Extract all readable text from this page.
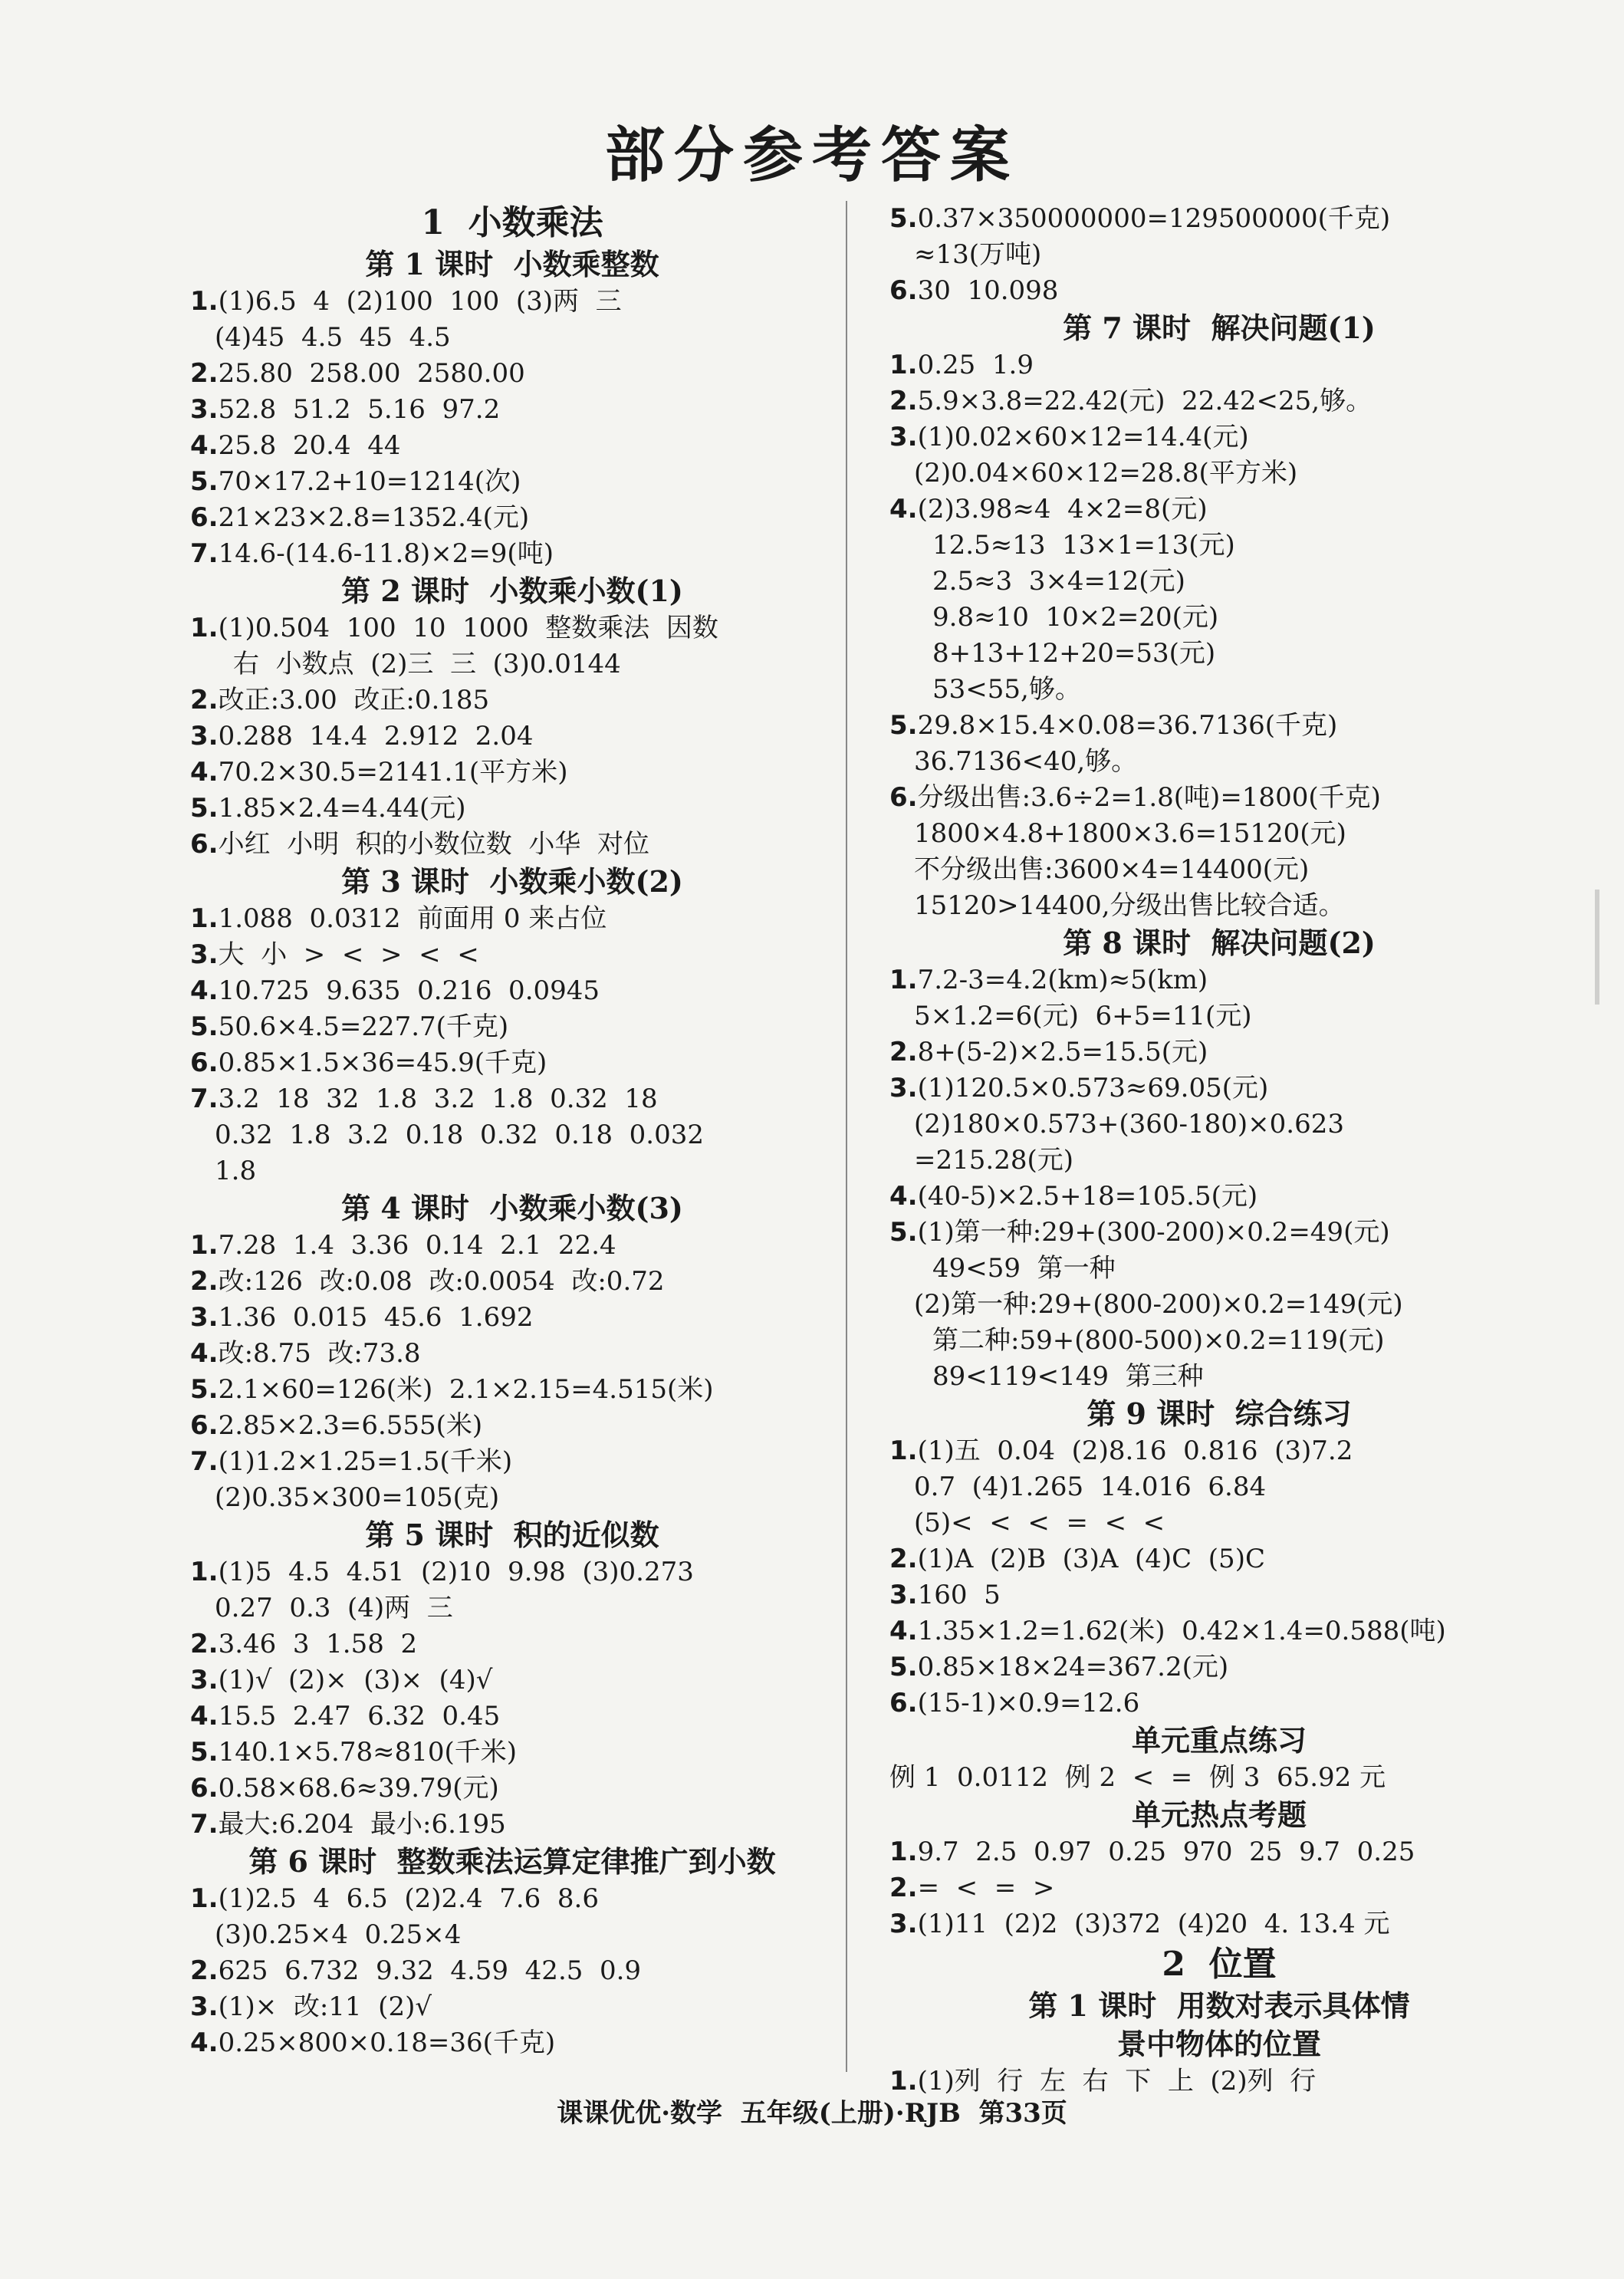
部分参考答案
1  小数乘法
第 1 课时  小数乘整数
1.(1)6.5  4  (2)100  100  (3)两  三
(4)45  4.5  45  4.5
2.25.80  258.00  2580.00
3.52.8  51.2  5.16  97.2
4.25.8  20.4  44
5.70×17.2+10=1214(次)
6.21×23×2.8=1352.4(元)
7.14.6-(14.6-11.8)×2=9(吨)
第 2 课时  小数乘小数(1)
1.(1)0.504  100  10  1000  整数乘法  因数
右  小数点  (2)三  三  (3)0.0144
2.改正:3.00  改正:0.185
3.0.288  14.4  2.912  2.04
4.70.2×30.5=2141.1(平方米)
5.1.85×2.4=4.44(元)
6.小红  小明  积的小数位数  小华  对位
第 3 课时  小数乘小数(2)
1.1.088  0.0312  前面用 0 来占位
3.大  小  >  <  >  <  <
4.10.725  9.635  0.216  0.0945
5.50.6×4.5=227.7(千克)
6.0.85×1.5×36=45.9(千克)
7.3.2  18  32  1.8  3.2  1.8  0.32  18
0.32  1.8  3.2  0.18  0.32  0.18  0.032
1.8
第 4 课时  小数乘小数(3)
1.7.28  1.4  3.36  0.14  2.1  22.4
2.改:126  改:0.08  改:0.0054  改:0.72
3.1.36  0.015  45.6  1.692
4.改:8.75  改:73.8
5.2.1×60=126(米)  2.1×2.15=4.515(米)
6.2.85×2.3=6.555(米)
7.(1)1.2×1.25=1.5(千米)
(2)0.35×300=105(克)
第 5 课时  积的近似数
1.(1)5  4.5  4.51  (2)10  9.98  (3)0.273
0.27  0.3  (4)两  三
2.3.46  3  1.58  2
3.(1)√  (2)×  (3)×  (4)√
4.15.5  2.47  6.32  0.45
5.140.1×5.78≈810(千米)
6.0.58×68.6≈39.79(元)
7.最大:6.204  最小:6.195
第 6 课时  整数乘法运算定律推广到小数
1.(1)2.5  4  6.5  (2)2.4  7.6  8.6
(3)0.25×4  0.25×4
2.625  6.732  9.32  4.59  42.5  0.9
3.(1)×  改:11  (2)√
4.0.25×800×0.18=36(千克)
5.0.37×350000000=129500000(千克)
≈13(万吨)
6.30  10.098
第 7 课时  解决问题(1)
1.0.25  1.9
2.5.9×3.8=22.42(元)  22.42<25,够。
3.(1)0.02×60×12=14.4(元)
(2)0.04×60×12=28.8(平方米)
4.(2)3.98≈4  4×2=8(元)
12.5≈13  13×1=13(元)
2.5≈3  3×4=12(元)
9.8≈10  10×2=20(元)
8+13+12+20=53(元)
53<55,够。
5.29.8×15.4×0.08=36.7136(千克)
36.7136<40,够。
6.分级出售:3.6÷2=1.8(吨)=1800(千克)
1800×4.8+1800×3.6=15120(元)
不分级出售:3600×4=14400(元)
15120>14400,分级出售比较合适。
第 8 课时  解决问题(2)
1.7.2-3=4.2(km)≈5(km)
5×1.2=6(元)  6+5=11(元)
2.8+(5-2)×2.5=15.5(元)
3.(1)120.5×0.573≈69.05(元)
(2)180×0.573+(360-180)×0.623
=215.28(元)
4.(40-5)×2.5+18=105.5(元)
5.(1)第一种:29+(300-200)×0.2=49(元)
49<59  第一种
(2)第一种:29+(800-200)×0.2=149(元)
第二种:59+(800-500)×0.2=119(元)
89<119<149  第三种
第 9 课时  综合练习
1.(1)五  0.04  (2)8.16  0.816  (3)7.2
0.7  (4)1.265  14.016  6.84
(5)<  <  <  =  <  <
2.(1)A  (2)B  (3)A  (4)C  (5)C
3.160  5
4.1.35×1.2=1.62(米)  0.42×1.4=0.588(吨)
5.0.85×18×24=367.2(元)
6.(15-1)×0.9=12.6
单元重点练习
例 1  0.0112  例 2  <  =  例 3  65.92 元
单元热点考题
1.9.7  2.5  0.97  0.25  970  25  9.7  0.25
2.=  <  =  >
3.(1)11  (2)2  (3)372  (4)20  4. 13.4 元
2  位置
第 1 课时  用数对表示具体情
景中物体的位置
1.(1)列  行  左  右  下  上  (2)列  行
课课优优·数学  五年级(上册)·RJB  第33页
